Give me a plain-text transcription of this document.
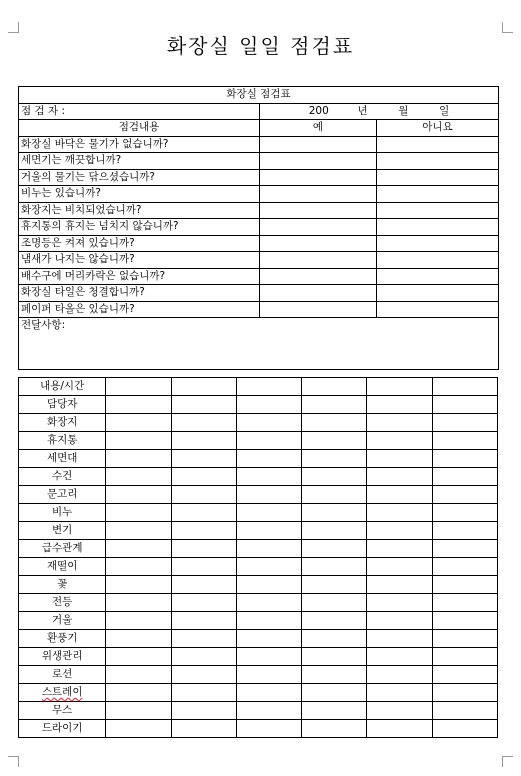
화장실 일일 점검표
화장실 점검표		
점 검 자 :	200 년 월 일	
점검내용	예	아니요
화장실 바닥은 물기가 없습니까?		
세면기는 깨끗합니까?		
거울의 물기는 닦으셨습니까?		
비누는 있습니까?		
화장지는 비치되었습니까?		
휴지통의 휴지는 넘치지 않습니까?		
조명등은 켜져 있습니까?		
냄새가 나지는 않습니까?		
배수구에 머리카락은 없습니까?		
화장실 타일은 청결합니까?		
페이퍼 타올은 있습니까?		
전달사항:		
내용/시간						
담당자						
화장지						
휴지통						
세면대						
수건						
문고리						
비누						
변기						
급수관계						
재떨이						
꽃						
전등						
거울						
환풍기						
위생관리						
로션						
스트레이						
무스						
드라이기						
